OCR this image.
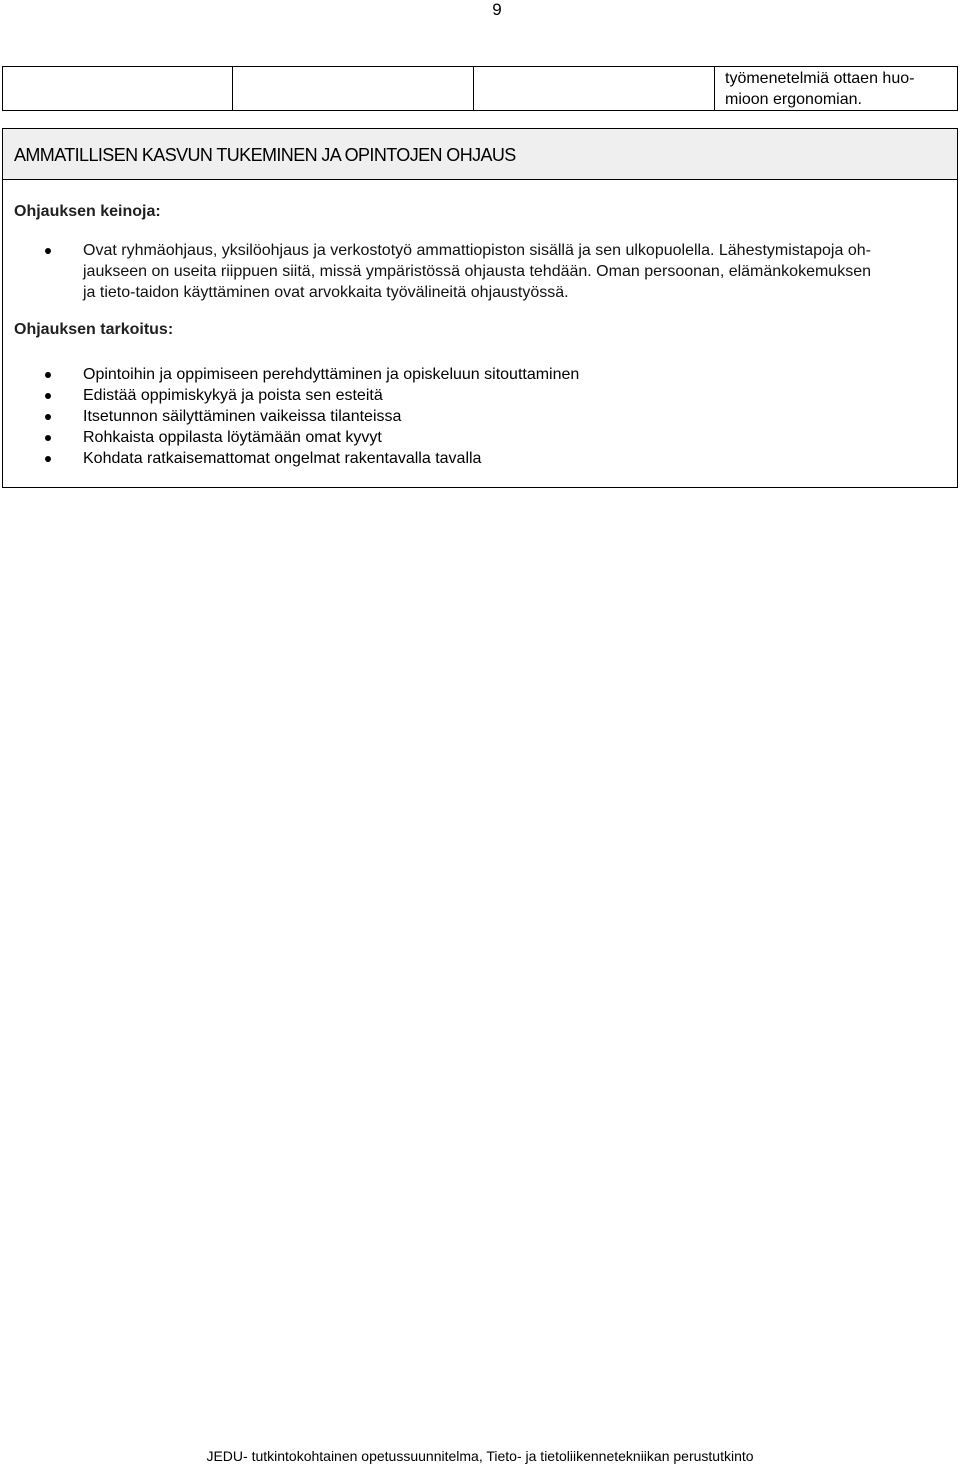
9
			työmenetelmiä ottaen huo-
mioon ergonomian.
AMMATILLISEN KASVUN TUKEMINEN JA OPINTOJEN OHJAUS
Ohjauksen keinoja:
Ovat ryhmäohjaus, yksilöohjaus ja verkostotyö ammattiopiston sisällä ja sen ulkopuolella. Lähestymistapoja oh-
jaukseen on useita riippuen siitä, missä ympäristössä ohjausta tehdään. Oman persoonan, elämänkokemuksen
ja tieto-taidon käyttäminen ovat arvokkaita työvälineitä ohjaustyössä.
Ohjauksen tarkoitus:
Opintoihin ja oppimiseen perehdyttäminen ja opiskeluun sitouttaminen
Edistää oppimiskykyä ja poista sen esteitä
Itsetunnon säilyttäminen vaikeissa tilanteissa
Rohkaista oppilasta löytämään omat kyvyt
Kohdata ratkaisemattomat ongelmat rakentavalla tavalla
JEDU- tutkintokohtainen opetussuunnitelma, Tieto- ja tietoliikennetekniikan perustutkinto
